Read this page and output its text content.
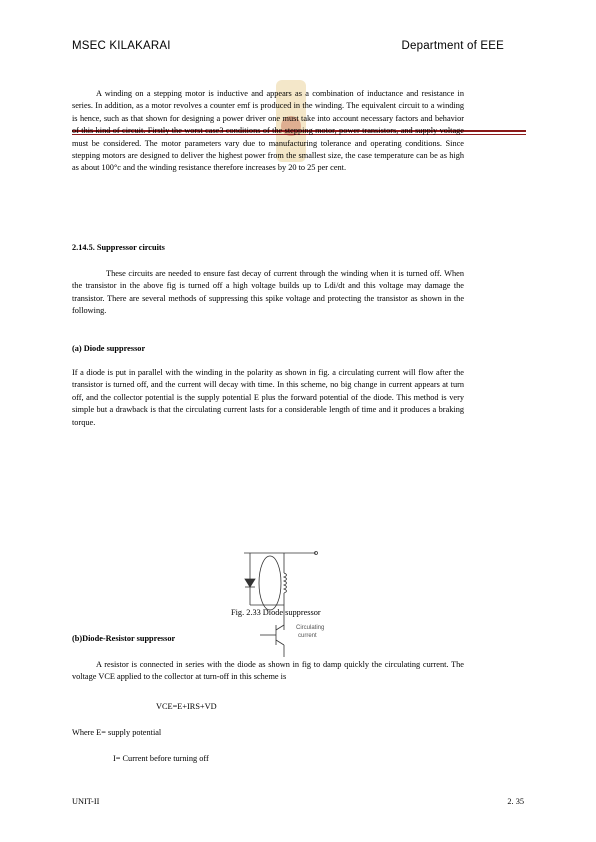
MSEC KILAKARAI	Department of EEE

A winding on a stepping motor is inductive and appears as a combination of inductance and resistance in series. In addition, as a motor revolves a counter emf is produced in the winding. The equivalent circuit to a winding is hence, such as that shown for designing a power driver one must take into account necessary factors and behavior of this kind of circuit. Firstly the worst case3 conditions of the stepping motor, power transistors, and supply voltage must be considered. The motor parameters vary due to manufacturing tolerance and operating conditions. Since stepping motors are designed to deliver the highest power from the smallest size, the case temperature can be as high as about 100°c and the winding resistance therefore increases by 20 to 25 per cent.

2.14.5. Suppressor circuits

These circuits are needed to ensure fast decay of current through the winding when it is turned off. When the transistor in the above fig is turned off a high voltage builds up to Ldi/dt and this voltage may damage the transistor. There are several methods of suppressing this spike voltage and protecting the transistor as shown in the following.

(a) Diode suppressor

If a diode is put in parallel with the winding in the polarity as shown in fig. a circulating current will flow after the transistor is turned off, and the current will decay with time. In this scheme, no big change in current appears at turn off, and the collector potential is the supply potential E plus the forward potential of the diode. This method is very simple but a drawback is that the circulating current lasts for a considerable length of time and it produces a braking torque.

Circulating
current
Fig. 2.33 Diode suppressor
(b)Diode-Resistor suppressor

A resistor is connected in series with the diode as shown in fig to damp quickly the circulating current. The voltage VCE applied to the collector at turn-off in this scheme is

VCE=E+IRS+VD
Where E= supply potential
I= Current before turning off
UNIT-II	2. 35
